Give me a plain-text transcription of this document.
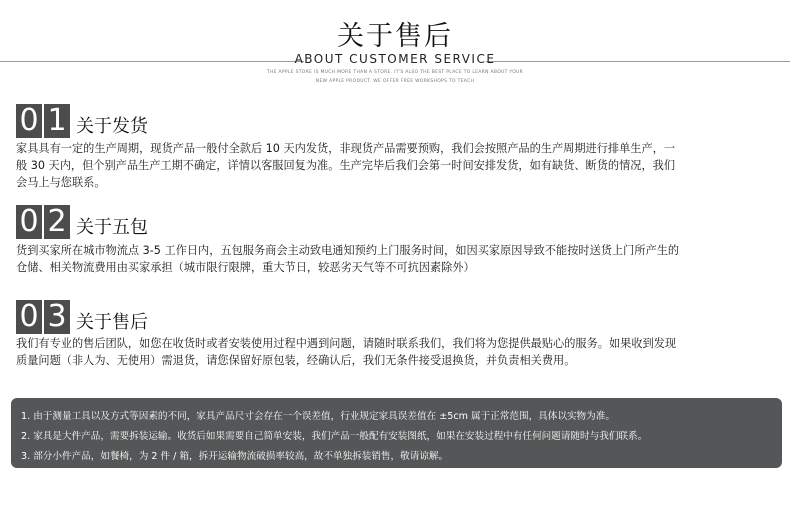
关于售后
ABOUT CUSTOMER SERVICE
THE APPLE STORE IS MUCH MORE THAN A STORE. IT'S ALSO THE BEST PLACE TO LEARN ABOUT YOUR
NEW APPLE PRODUCT. WE OFFER FREE WORKSHOPS TO TEACH
0 1 关于发货
家具具有一定的生产周期，现货产品一般付全款后 10 天内发货，非现货产品需要预购，我们会按照产品的生产周期进行排单生产，一
般 30 天内，但个别产品生产工期不确定，详情以客服回复为准。生产完毕后我们会第一时间安排发货，如有缺货、断货的情况，我们
会马上与您联系。
0 2 关于五包
货到买家所在城市物流点 3-5 工作日内，五包服务商会主动致电通知预约上门服务时间，如因买家原因导致不能按时送货上门所产生的
仓储、相关物流费用由买家承担（城市限行限牌，重大节日，较恶劣天气等不可抗因素除外）
0 3 关于售后
我们有专业的售后团队，如您在收货时或者安装使用过程中遇到问题，请随时联系我们，我们将为您提供最贴心的服务。如果收到发现
质量问题（非人为、无使用）需退货，请您保留好原包装，经确认后，我们无条件接受退换货，并负责相关费用。
1. 由于测量工具以及方式等因素的不同，家具产品尺寸会存在一个误差值，行业规定家具误差值在 ±5cm 属于正常范围，具体以实物为准。
2. 家具是大件产品，需要拆装运输。收货后如果需要自己简单安装，我们产品一般配有安装图纸，如果在安装过程中有任何问题请随时与我们联系。
3. 部分小件产品，如餐椅，为 2 件 / 箱，拆开运输物流破损率较高，故不单独拆装销售，敬请谅解。
